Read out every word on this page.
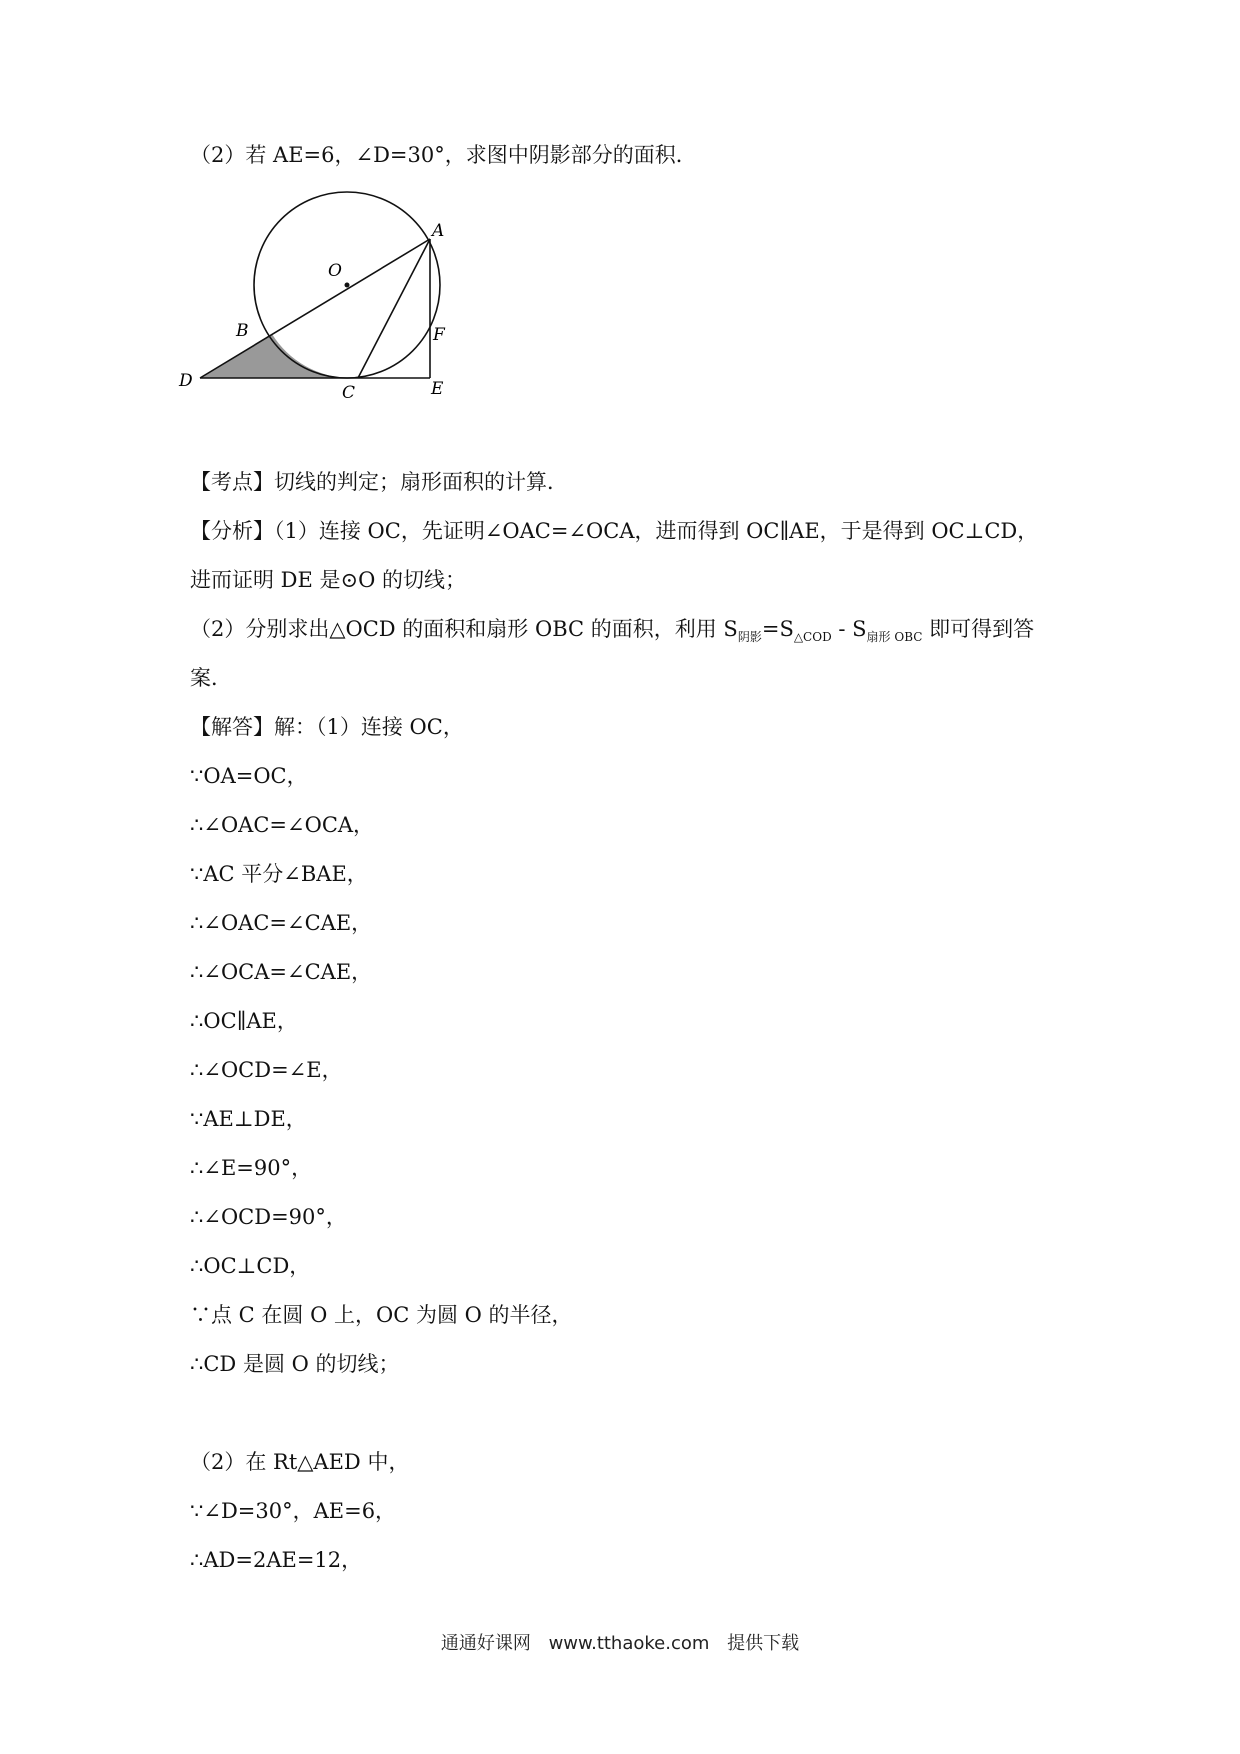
（2）若 AE=6，∠D=30°，求图中阴影部分的面积．
A
O
B	F
D
C	E
【考点】切线的判定；扇形面积的计算．
【分析】（1）连接 OC，先证明∠OAC=∠OCA，进而得到 OC∥AE，于是得到 OC⊥CD，
进而证明 DE 是⊙O 的切线；
（2）分别求出△OCD 的面积和扇形 OBC 的面积，利用 $S_{阴影}=S_{\triangle COD} - S_{扇形 OBC}$ 即可得到答
案．
【解答】解：（1）连接 OC，
∵OA=OC，
∴∠OAC=∠OCA，
∵AC 平分∠BAE，
∴∠OAC=∠CAE，
∴∠OCA=∠CAE，
∴OC∥AE，
∴∠OCD=∠E，
∵AE⊥DE，
∴∠E=90°，
∴∠OCD=90°，
∴OC⊥CD，
∵点 C 在圆 O 上，OC 为圆 O 的半径，
∴CD 是圆 O 的切线；
（2）在 Rt△AED 中，
∵∠D=30°，AE=6，
∴AD=2AE=12，
通通好课网 www.tthaoke.com 提供下载
